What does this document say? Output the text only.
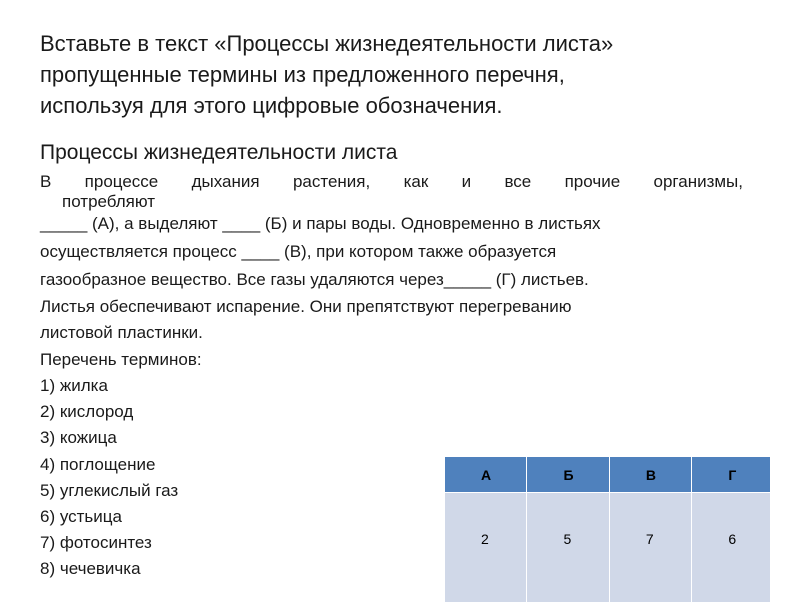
Вставьте в текст «Процессы жизнедеятельности листа»
пропущенные термины из предложенного перечня,
используя для этого цифровые обозначения.
Процессы жизнедеятельности листа
В процессе дыхания растения, как и все прочие организмы,
потребляют
_____ (А), а выделяют ____ (Б) и пары воды. Одновременно в листьях
осуществляется процесс ____ (В), при котором также образуется
газообразное вещество. Все газы удаляются через_____ (Г) листьев.
Листья обеспечивают испарение. Они препятствуют перегреванию
листовой пластинки.
Перечень терминов:
1) жилка
2) кислород
3) кожица
4) поглощение
5) углекислый газ
6) устьица
7) фотосинтез
8) чечевичка
А	Б	В	Г
2	5	7	6
